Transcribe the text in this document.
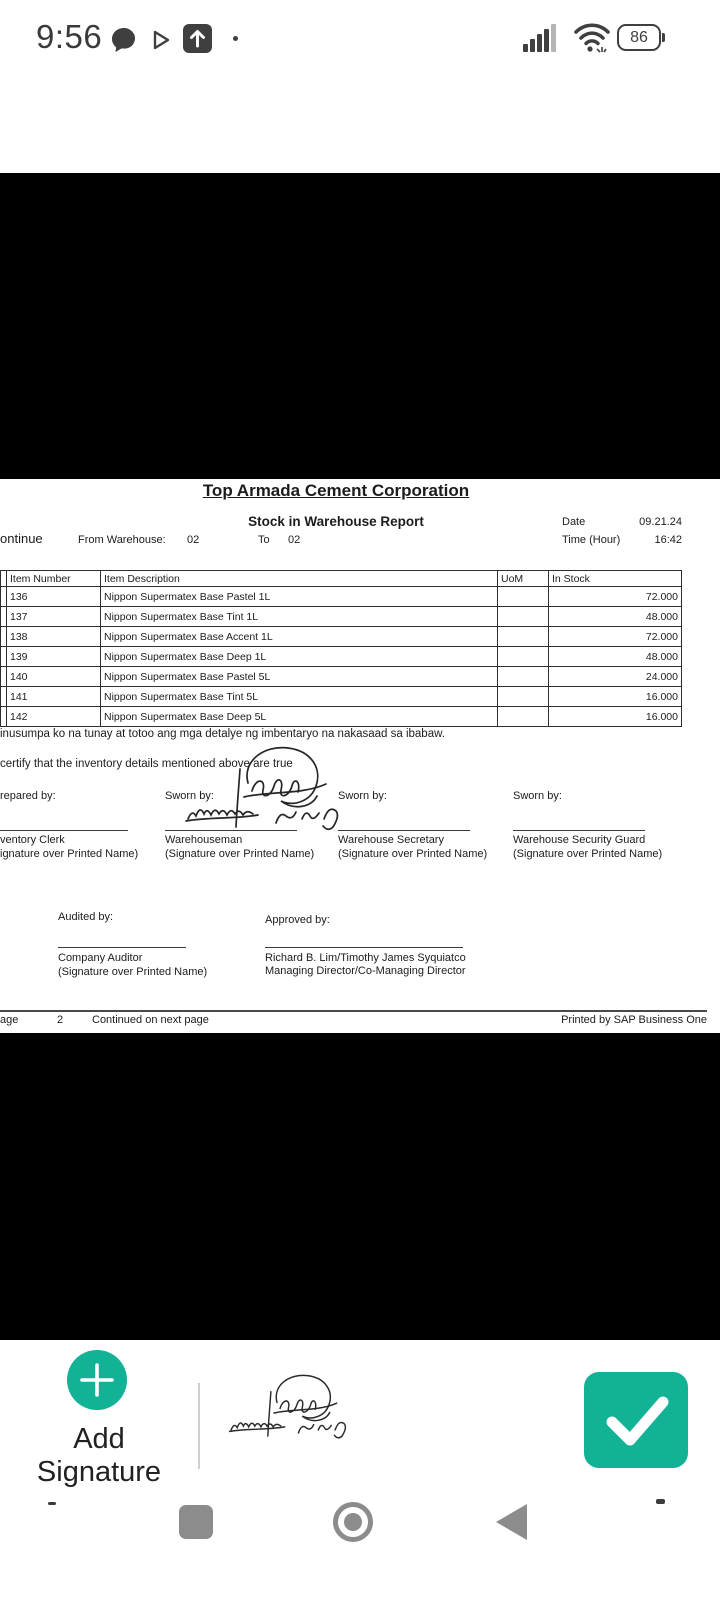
9:56	86
Top Armada Cement Corporation
Stock in Warehouse Report	Date	09.21.24
ontinue	From Warehouse: 02	To 02	Time (Hour)	16:42
	Item Number	Item Description	UoM	In Stock
	136	Nippon Supermatex Base Pastel 1L		72.000
	137	Nippon Supermatex Base Tint 1L		48.000
	138	Nippon Supermatex Base Accent 1L		72.000
	139	Nippon Supermatex Base Deep 1L		48.000
	140	Nippon Supermatex Base Pastel 5L		24.000
	141	Nippon Supermatex Base Tint 5L		16.000
	142	Nippon Supermatex Base Deep 5L		16.000
inusumpa ko na tunay at totoo ang mga detalye ng imbentaryo na nakasaad sa ibabaw.
certify that the inventory details mentioned above are true
repared by:	Sworn by:	Sworn by:	Sworn by:
ventory Clerk	Warehouseman	Warehouse Secretary	Warehouse Security Guard
ignature over Printed Name) (Signature over Printed Name) (Signature over Printed Name) (Signature over Printed Name)
Audited by:	Approved by:
Company Auditor
(Signature over Printed Name)
Richard B. Lim/Timothy James Syquiatco
Managing Director/Co-Managing Director
age	2	Continued on next page	Printed by SAP Business One
Add Signature
